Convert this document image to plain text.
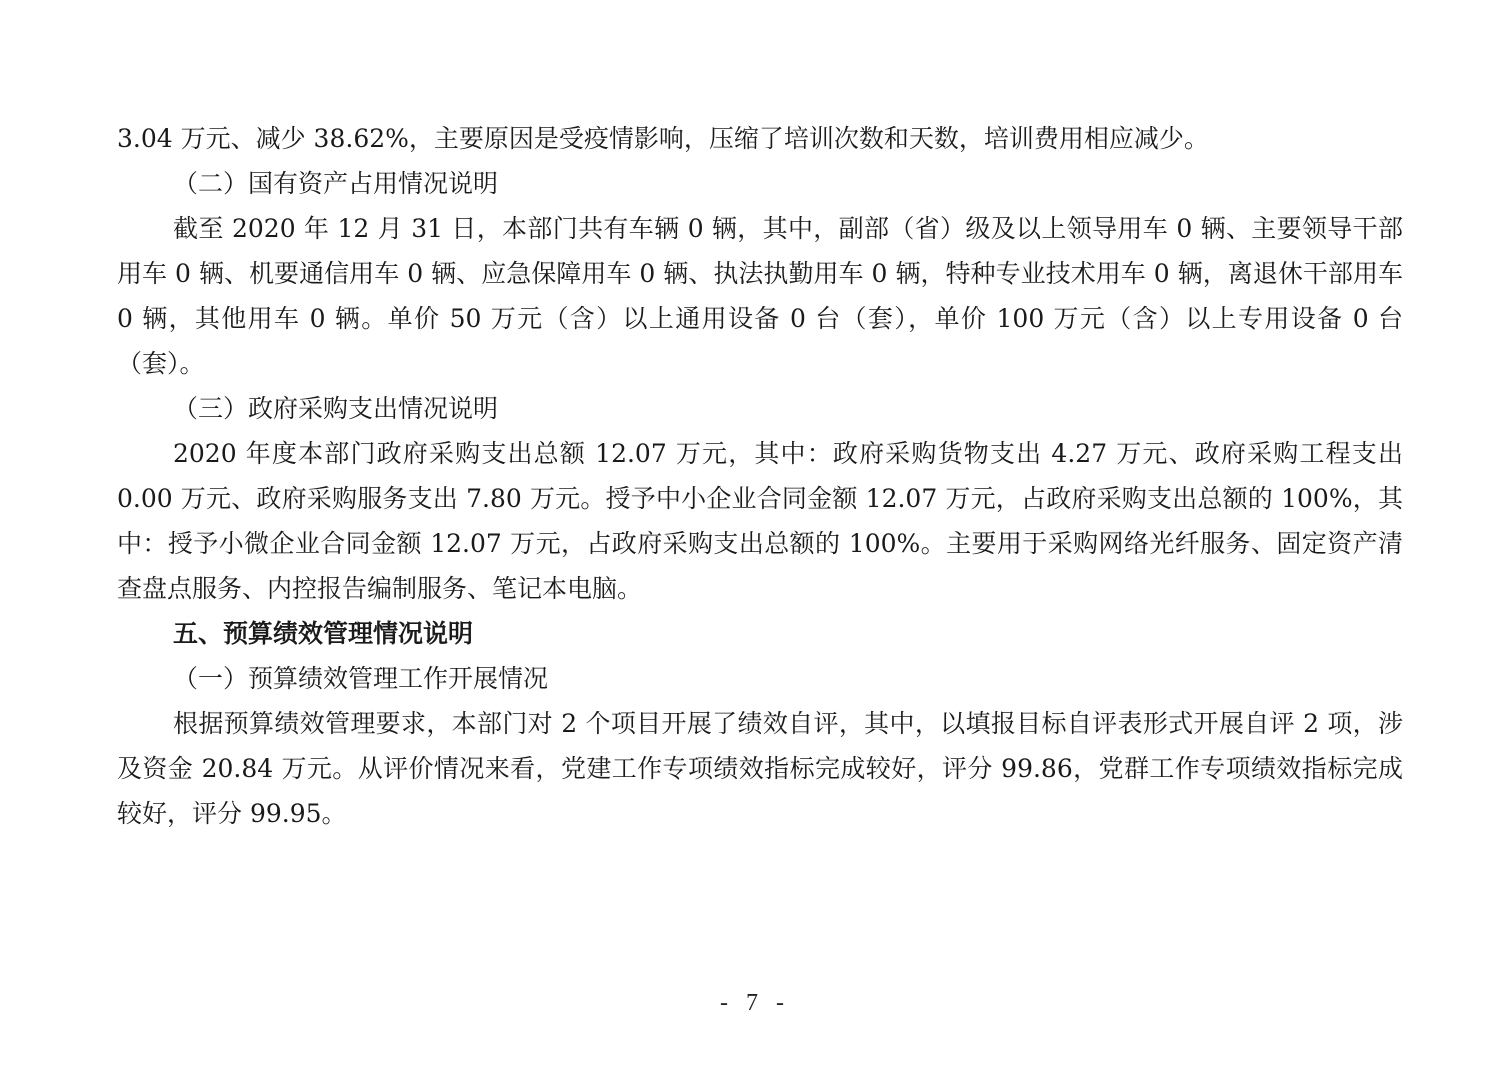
3.04 万元、减少 38.62%，主要原因是受疫情影响，压缩了培训次数和天数，培训费用相应减少。

（二）国有资产占用情况说明

截至 2020 年 12 月 31 日，本部门共有车辆 0 辆，其中，副部（省）级及以上领导用车 0 辆、主要领导干部用车 0 辆、机要通信用车 0 辆、应急保障用车 0 辆、执法执勤用车 0 辆，特种专业技术用车 0 辆，离退休干部用车 0 辆，其他用车 0 辆。单价 50 万元（含）以上通用设备 0 台（套），单价 100 万元（含）以上专用设备 0 台（套）。

（三）政府采购支出情况说明

2020 年度本部门政府采购支出总额 12.07 万元，其中：政府采购货物支出 4.27 万元、政府采购工程支出 0.00 万元、政府采购服务支出 7.80 万元。授予中小企业合同金额 12.07 万元，占政府采购支出总额的 100%，其中：授予小微企业合同金额 12.07 万元，占政府采购支出总额的 100%。主要用于采购网络光纤服务、固定资产清查盘点服务、内控报告编制服务、笔记本电脑。

五、预算绩效管理情况说明

（一）预算绩效管理工作开展情况

根据预算绩效管理要求，本部门对 2 个项目开展了绩效自评，其中，以填报目标自评表形式开展自评 2 项，涉及资金 20.84 万元。从评价情况来看，党建工作专项绩效指标完成较好，评分 99.86，党群工作专项绩效指标完成较好，评分 99.95。

- 7 -
